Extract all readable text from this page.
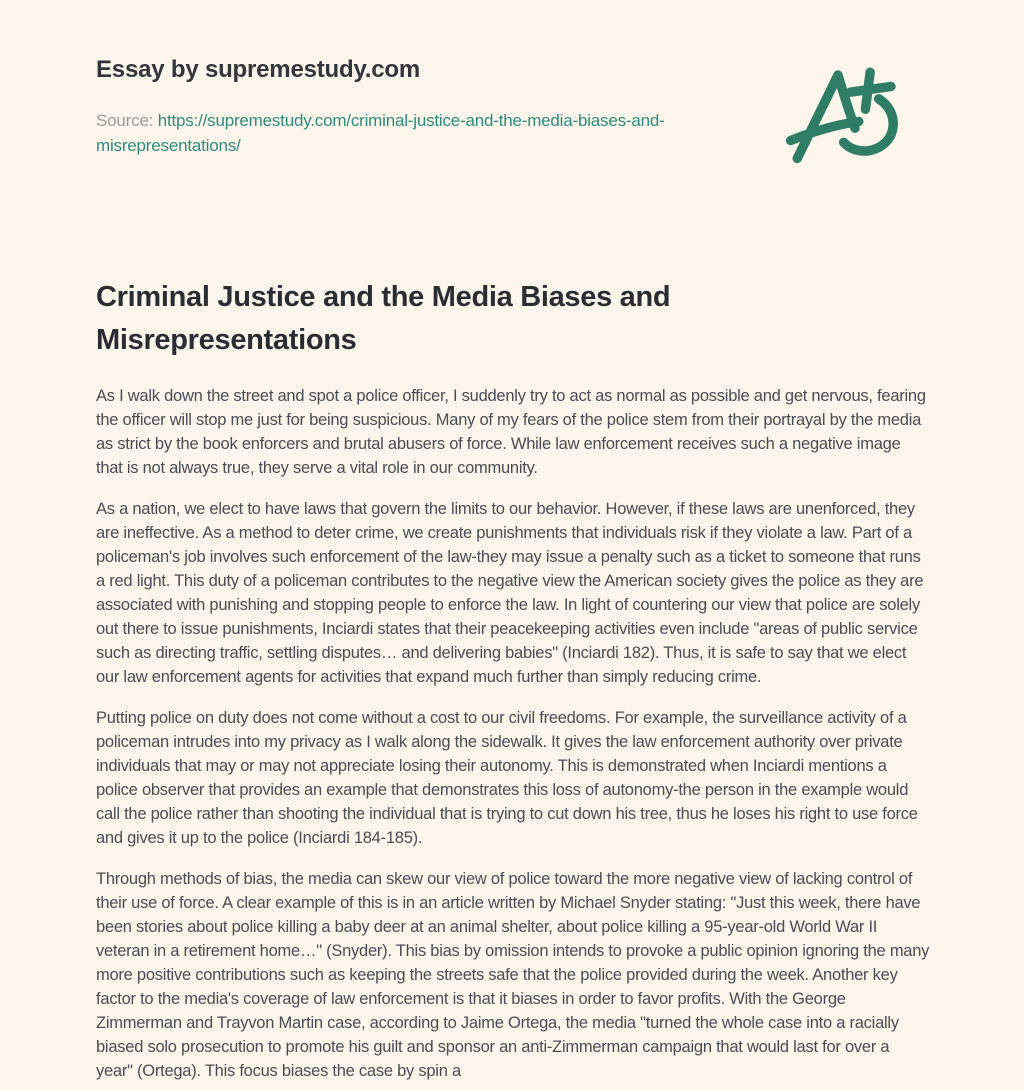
Essay by supremestudy.com

Source: https://supremestudy.com/criminal-justice-and-the-media-biases-and-misrepresentations/

Criminal Justice and the Media Biases and Misrepresentations

As I walk down the street and spot a police officer, I suddenly try to act as normal as possible and get nervous, fearing the officer will stop me just for being suspicious. Many of my fears of the police stem from their portrayal by the media as strict by the book enforcers and brutal abusers of force. While law enforcement receives such a negative image that is not always true, they serve a vital role in our community.

As a nation, we elect to have laws that govern the limits to our behavior. However, if these laws are unenforced, they are ineffective. As a method to deter crime, we create punishments that individuals risk if they violate a law. Part of a policeman's job involves such enforcement of the law-they may issue a penalty such as a ticket to someone that runs a red light. This duty of a policeman contributes to the negative view the American society gives the police as they are associated with punishing and stopping people to enforce the law. In light of countering our view that police are solely out there to issue punishments, Inciardi states that their peacekeeping activities even include "areas of public service such as directing traffic, settling disputes… and delivering babies" (Inciardi 182). Thus, it is safe to say that we elect our law enforcement agents for activities that expand much further than simply reducing crime.

Putting police on duty does not come without a cost to our civil freedoms. For example, the surveillance activity of a policeman intrudes into my privacy as I walk along the sidewalk. It gives the law enforcement authority over private individuals that may or may not appreciate losing their autonomy. This is demonstrated when Inciardi mentions a police observer that provides an example that demonstrates this loss of autonomy-the person in the example would call the police rather than shooting the individual that is trying to cut down his tree, thus he loses his right to use force and gives it up to the police (Inciardi 184-185).

Through methods of bias, the media can skew our view of police toward the more negative view of lacking control of their use of force. A clear example of this is in an article written by Michael Snyder stating: "Just this week, there have been stories about police killing a baby deer at an animal shelter, about police killing a 95-year-old World War II veteran in a retirement home…" (Snyder). This bias by omission intends to provoke a public opinion ignoring the many more positive contributions such as keeping the streets safe that the police provided during the week. Another key factor to the media's coverage of law enforcement is that it biases in order to favor profits. With the George Zimmerman and Trayvon Martin case, according to Jaime Ortega, the media "turned the whole case into a racially biased solo prosecution to promote his guilt and sponsor an anti-Zimmerman campaign that would last for over a year" (Ortega). This focus biases the case by spin a
